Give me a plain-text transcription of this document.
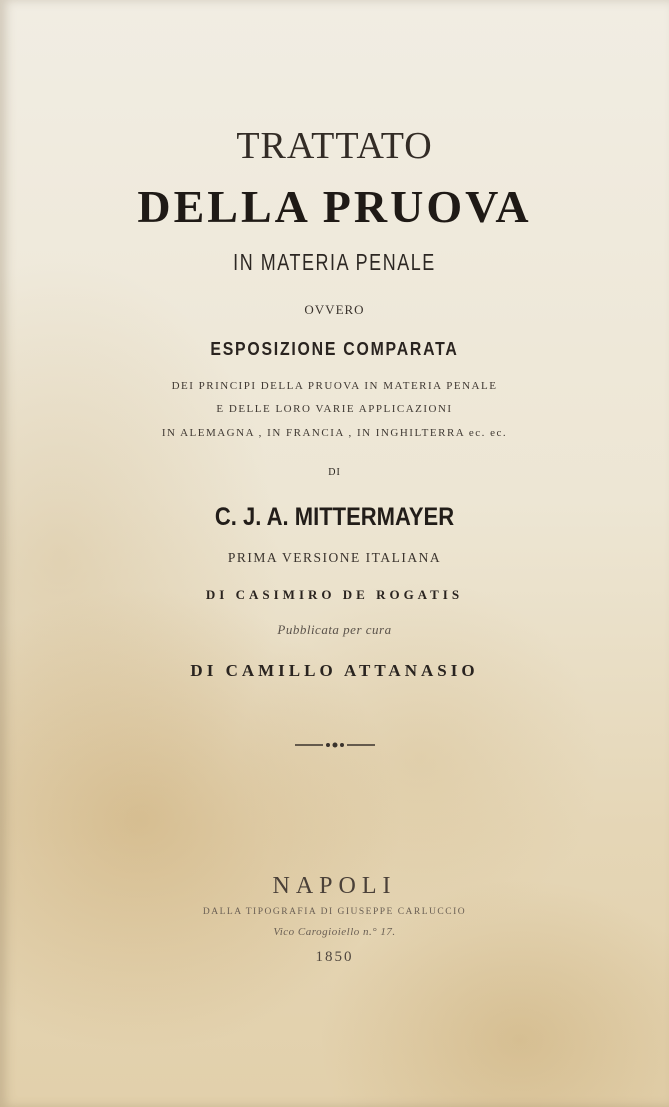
TRATTATO
DELLA PRUOVA
IN MATERIA PENALE
OVVERO
ESPOSIZIONE COMPARATA
DEI PRINCIPI DELLA PRUOVA IN MATERIA PENALE
E DELLE LORO VARIE APPLICAZIONI
IN ALEMAGNA , IN FRANCIA , IN INGHILTERRA ec. ec.
DI
C. J. A. MITTERMAYER
PRIMA VERSIONE ITALIANA
DI CASIMIRO DE ROGATIS
Pubblicata per cura
DI CAMILLO ATTANASIO
NAPOLI
DALLA TIPOGRAFIA DI GIUSEPPE CARLUCCIO
Vico Carogioiello n.° 17.
1850
